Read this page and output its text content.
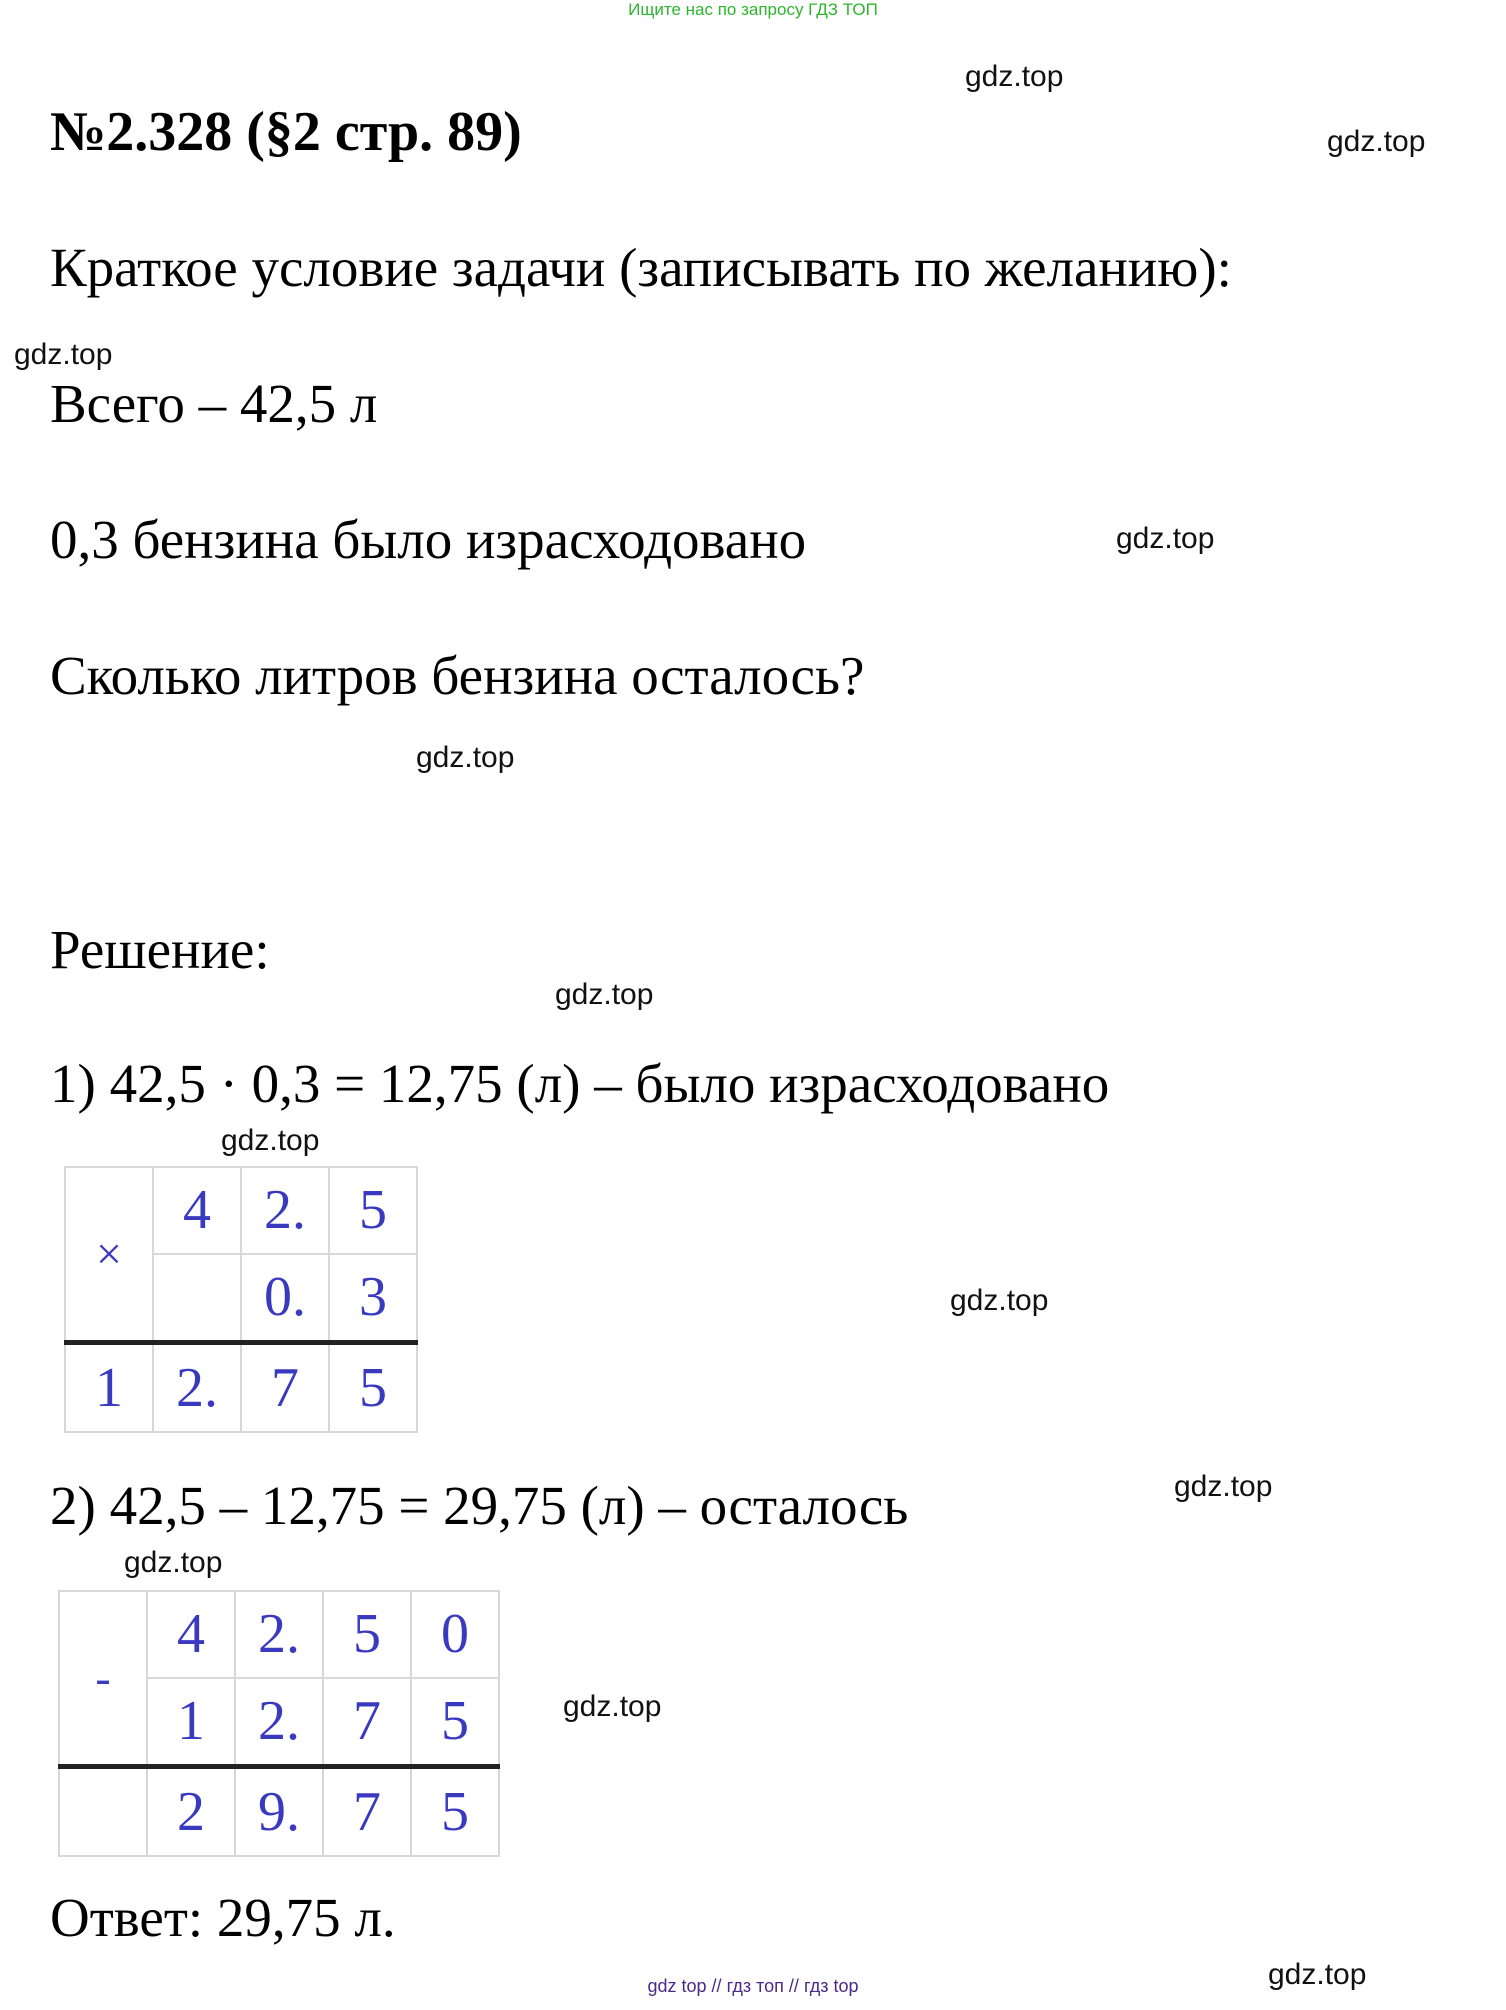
Ищите нас по запросу ГДЗ ТОП
№2.328 (§2 стр. 89)
Краткое условие задачи (записывать по желанию):
Всего – 42,5 л
0,3 бензина было израсходовано
Сколько литров бензина осталось?
Решение:
1) 42,5 · 0,3 = 12,75 (л) – было израсходовано
×	4	2.	5
		0.	3
1	2.	7	5
2) 42,5 – 12,75 = 29,75 (л) – осталось
-	4	2.	5	0
	1	2.	7	5
	2	9.	7	5
Ответ: 29,75 л.
gdz.top
gdz.top
gdz.top
gdz.top
gdz.top
gdz.top
gdz.top
gdz.top
gdz.top
gdz.top
gdz.top
gdz.top
gdz top // гдз топ // гдз top
